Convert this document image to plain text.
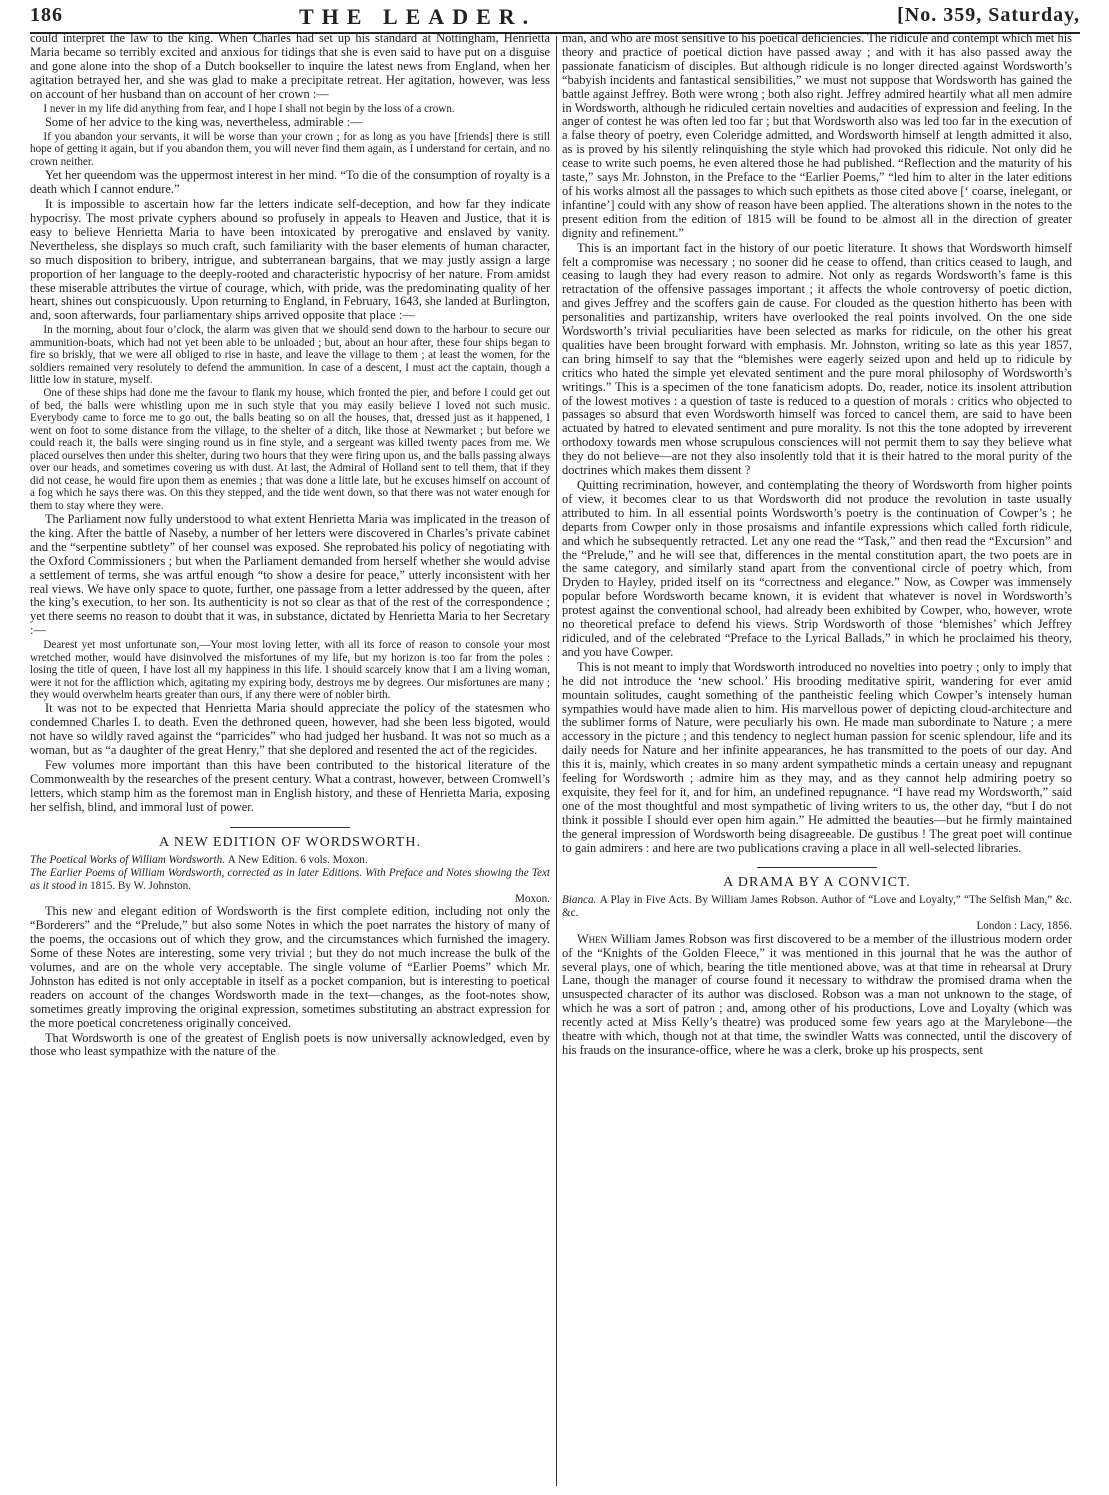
186	THE LEADER.	[No. 359, Saturday,

could interpret the law to the king. When Charles had set up his standard at Nottingham, Henrietta Maria became so terribly excited and anxious for tidings that she is even said to have put on a disguise and gone alone into the shop of a Dutch bookseller to inquire the latest news from England, when her agitation betrayed her, and she was glad to make a precipitate retreat. Her agitation, however, was less on account of her husband than on account of her crown :—

I never in my life did anything from fear, and I hope I shall not begin by the loss of a crown.

Some of her advice to the king was, nevertheless, admirable :—

If you abandon your servants, it will be worse than your crown ; for as long as you have [friends] there is still hope of getting it again, but if you abandon them, you will never find them again, as I understand for certain, and no crown neither.

Yet her queendom was the uppermost interest in her mind. “To die of the consumption of royalty is a death which I cannot endure.”

It is impossible to ascertain how far the letters indicate self-deception, and how far they indicate hypocrisy. The most private cyphers abound so profusely in appeals to Heaven and Justice, that it is easy to believe Henrietta Maria to have been intoxicated by prerogative and enslaved by vanity. Nevertheless, she displays so much craft, such familiarity with the baser elements of human character, so much disposition to bribery, intrigue, and subterranean bargains, that we may justly assign a large proportion of her language to the deeply-rooted and characteristic hypocrisy of her nature. From amidst these miserable attributes the virtue of courage, which, with pride, was the predominating quality of her heart, shines out conspicuously. Upon returning to England, in February, 1643, she landed at Burlington, and, soon afterwards, four parliamentary ships arrived opposite that place :—

In the morning, about four o’clock, the alarm was given that we should send down to the harbour to secure our ammunition-boats, which had not yet been able to be unloaded ; but, about an hour after, these four ships began to fire so briskly, that we were all obliged to rise in haste, and leave the village to them ; at least the women, for the soldiers remained very resolutely to defend the ammunition. In case of a descent, I must act the captain, though a little low in stature, myself.

One of these ships had done me the favour to flank my house, which fronted the pier, and before I could get out of bed, the balls were whistling upon me in such style that you may easily believe I loved not such music. Everybody came to force me to go out, the balls beating so on all the houses, that, dressed just as it happened, I went on foot to some distance from the village, to the shelter of a ditch, like those at Newmarket ; but before we could reach it, the balls were singing round us in fine style, and a sergeant was killed twenty paces from me. We placed ourselves then under this shelter, during two hours that they were firing upon us, and the balls passing always over our heads, and sometimes covering us with dust. At last, the Admiral of Holland sent to tell them, that if they did not cease, he would fire upon them as enemies ; that was done a little late, but he excuses himself on account of a fog which he says there was. On this they stepped, and the tide went down, so that there was not water enough for them to stay where they were.

The Parliament now fully understood to what extent Henrietta Maria was implicated in the treason of the king. After the battle of Naseby, a number of her letters were discovered in Charles’s private cabinet and the “serpentine subtlety” of her counsel was exposed. She reprobated his policy of negotiating with the Oxford Commissioners ; but when the Parliament demanded from herself whether she would advise a settlement of terms, she was artful enough “to show a desire for peace,” utterly inconsistent with her real views. We have only space to quote, further, one passage from a letter addressed by the queen, after the king’s execution, to her son. Its authenticity is not so clear as that of the rest of the correspondence ; yet there seems no reason to doubt that it was, in substance, dictated by Henrietta Maria to her Secretary :—

Dearest yet most unfortunate son,—Your most loving letter, with all its force of reason to console your most wretched mother, would have disinvolved the misfortunes of my life, but my horizon is too far from the poles : losing the title of queen, I have lost all my happiness in this life. I should scarcely know that I am a living woman, were it not for the affliction which, agitating my expiring body, destroys me by degrees. Our misfortunes are many ; they would overwhelm hearts greater than ours, if any there were of nobler birth.

It was not to be expected that Henrietta Maria should appreciate the policy of the statesmen who condemned Charles I. to death. Even the dethroned queen, however, had she been less bigoted, would not have so wildly raved against the “parricides” who had judged her husband. It was not so much as a woman, but as “a daughter of the great Henry,” that she deplored and resented the act of the regicides.

Few volumes more important than this have been contributed to the historical literature of the Commonwealth by the researches of the present century. What a contrast, however, between Cromwell’s letters, which stamp him as the foremost man in English history, and these of Henrietta Maria, exposing her selfish, blind, and immoral lust of power.

A NEW EDITION OF WORDSWORTH.

The Poetical Works of William Wordsworth. A New Edition. 6 vols. Moxon.

The Earlier Poems of William Wordsworth, corrected as in later Editions. With Preface and Notes showing the Text as it stood in 1815. By W. Johnston.

Moxon.

This new and elegant edition of Wordsworth is the first complete edition, including not only the “Borderers” and the “Prelude,” but also some Notes in which the poet narrates the history of many of the poems, the occasions out of which they grow, and the circumstances which furnished the imagery. Some of these Notes are interesting, some very trivial ; but they do not much increase the bulk of the volumes, and are on the whole very acceptable. The single volume of “Earlier Poems” which Mr. Johnston has edited is not only acceptable in itself as a pocket companion, but is interesting to poetical readers on account of the changes Wordsworth made in the text—changes, as the foot-notes show, sometimes greatly improving the original expression, sometimes substituting an abstract expression for the more poetical concreteness originally conceived.

That Wordsworth is one of the greatest of English poets is now universally acknowledged, even by those who least sympathize with the nature of the

man, and who are most sensitive to his poetical deficiencies. The ridicule and contempt which met his theory and practice of poetical diction have passed away ; and with it has also passed away the passionate fanaticism of disciples. But although ridicule is no longer directed against Wordsworth’s “babyish incidents and fantastical sensibilities,” we must not suppose that Wordsworth has gained the battle against Jeffrey. Both were wrong ; both also right. Jeffrey admired heartily what all men admire in Wordsworth, although he ridiculed certain novelties and audacities of expression and feeling. In the anger of contest he was often led too far ; but that Wordsworth also was led too far in the execution of a false theory of poetry, even Coleridge admitted, and Wordsworth himself at length admitted it also, as is proved by his silently relinquishing the style which had provoked this ridicule. Not only did he cease to write such poems, he even altered those he had published. “Reflection and the maturity of his taste,” says Mr. Johnston, in the Preface to the “Earlier Poems,” “led him to alter in the later editions of his works almost all the passages to which such epithets as those cited above [‘ coarse, inelegant, or infantine’] could with any show of reason have been applied. The alterations shown in the notes to the present edition from the edition of 1815 will be found to be almost all in the direction of greater dignity and refinement.”

This is an important fact in the history of our poetic literature. It shows that Wordsworth himself felt a compromise was necessary ; no sooner did he cease to offend, than critics ceased to laugh, and ceasing to laugh they had every reason to admire. Not only as regards Wordsworth’s fame is this retractation of the offensive passages important ; it affects the whole controversy of poetic diction, and gives Jeffrey and the scoffers gain de cause. For clouded as the question hitherto has been with personalities and partizanship, writers have overlooked the real points involved. On the one side Wordsworth’s trivial peculiarities have been selected as marks for ridicule, on the other his great qualities have been brought forward with emphasis. Mr. Johnston, writing so late as this year 1857, can bring himself to say that the “blemishes were eagerly seized upon and held up to ridicule by critics who hated the simple yet elevated sentiment and the pure moral philosophy of Wordsworth’s writings.” This is a specimen of the tone fanaticism adopts. Do, reader, notice its insolent attribution of the lowest motives : a question of taste is reduced to a question of morals : critics who objected to passages so absurd that even Wordsworth himself was forced to cancel them, are said to have been actuated by hatred to elevated sentiment and pure morality. Is not this the tone adopted by irreverent orthodoxy towards men whose scrupulous consciences will not permit them to say they believe what they do not believe—are not they also insolently told that it is their hatred to the moral purity of the doctrines which makes them dissent ?

Quitting recrimination, however, and contemplating the theory of Wordsworth from higher points of view, it becomes clear to us that Wordsworth did not produce the revolution in taste usually attributed to him. In all essential points Wordsworth’s poetry is the continuation of Cowper’s ; he departs from Cowper only in those prosaisms and infantile expressions which called forth ridicule, and which he subsequently retracted. Let any one read the “Task,” and then read the “Excursion” and the “Prelude,” and he will see that, differences in the mental constitution apart, the two poets are in the same category, and similarly stand apart from the conventional circle of poetry which, from Dryden to Hayley, prided itself on its “correctness and elegance.” Now, as Cowper was immensely popular before Wordsworth became known, it is evident that whatever is novel in Wordsworth’s protest against the conventional school, had already been exhibited by Cowper, who, however, wrote no theoretical preface to defend his views. Strip Wordsworth of those ‘blemishes’ which Jeffrey ridiculed, and of the celebrated “Preface to the Lyrical Ballads,” in which he proclaimed his theory, and you have Cowper.

This is not meant to imply that Wordsworth introduced no novelties into poetry ; only to imply that he did not introduce the ‘new school.’ His brooding meditative spirit, wandering for ever amid mountain solitudes, caught something of the pantheistic feeling which Cowper’s intensely human sympathies would have made alien to him. His marvellous power of depicting cloud-architecture and the sublimer forms of Nature, were peculiarly his own. He made man subordinate to Nature ; a mere accessory in the picture ; and this tendency to neglect human passion for scenic splendour, life and its daily needs for Nature and her infinite appearances, he has transmitted to the poets of our day. And this it is, mainly, which creates in so many ardent sympathetic minds a certain uneasy and repugnant feeling for Wordsworth ; admire him as they may, and as they cannot help admiring poetry so exquisite, they feel for it, and for him, an undefined repugnance. “I have read my Wordsworth,” said one of the most thoughtful and most sympathetic of living writers to us, the other day, “but I do not think it possible I should ever open him again.” He admitted the beauties—but he firmly maintained the general impression of Wordsworth being disagreeable. De gustibus ! The great poet will continue to gain admirers : and here are two publications craving a place in all well-selected libraries.

A DRAMA BY A CONVICT.

Bianca. A Play in Five Acts. By William James Robson. Author of “Love and Loyalty,” “The Selfish Man,” &c. &c.

London : Lacy, 1856.

When William James Robson was first discovered to be a member of the illustrious modern order of the “Knights of the Golden Fleece,” it was mentioned in this journal that he was the author of several plays, one of which, bearing the title mentioned above, was at that time in rehearsal at Drury Lane, though the manager of course found it necessary to withdraw the promised drama when the unsuspected character of its author was disclosed. Robson was a man not unknown to the stage, of which he was a sort of patron ; and, among other of his productions, Love and Loyalty (which was recently acted at Miss Kelly’s theatre) was produced some few years ago at the Marylebone—the theatre with which, though not at that time, the swindler Watts was connected, until the discovery of his frauds on the insurance-office, where he was a clerk, broke up his prospects, sent
